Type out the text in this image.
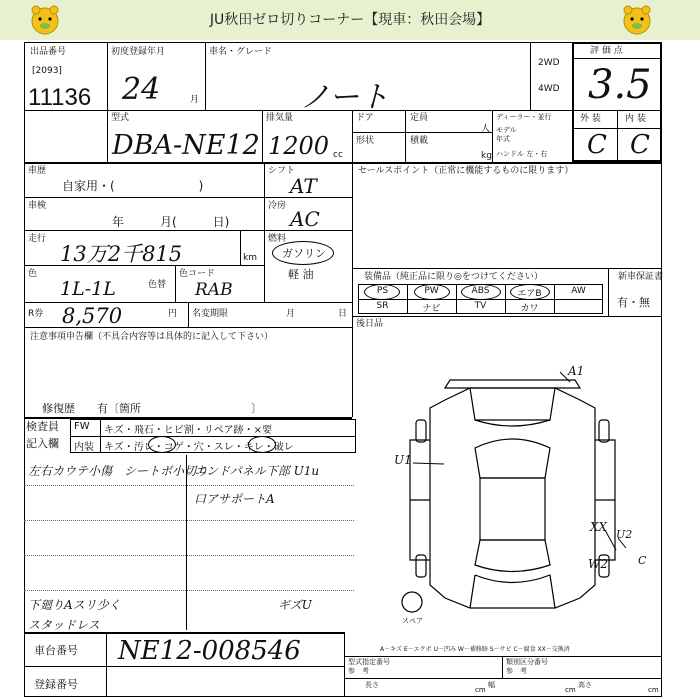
JU秋田ゼロ切りコーナー【現車：秋田会場】
評 価 点
3.5
外 装	内 装
C C
出品番号
[2093]
11136
初度登録年月
24	月
車名・グレード
ノート
2WD
4WD
型式
DBA-NE12
排気量
1200 cc
ドア	定員
人
形状	積載
kg
ディーラー・並行
モデル
年式
ハンドル 左・右
車歴
自家用・(　　　　　　　)
車検
年　　　月(　　　日)
走行
13万2千815	km
色
1L-1L	色替
色コード
RAB
シフト
AT
冷房
AC
燃料
ガソリン
軽 油
R券 8,570	円 名変期限	月	日
セールスポイント（正常に機能するものに限ります）
装備品（純正品に限り◎をつけてください）	新車保証書
有・無
PS	PW	ABS	エアB	AW
SR	ナビ	TV	カワ
後日品
注意事項申告欄（不具合内容等は具体的に記入して下さい）
修復歴　　有〔箇所　　　　　　　　　　〕
検査員
記入欄
FW キズ・飛石・ヒビ割・リペア跡・×要
内装 キズ・汚レ・コゲ・穴・スレ・キレ・破レ
左右カウテ小傷　シートボ小切り
エンドパネル下部 U1u
口アサポートA
下廻りAスリ少く
スタッドレス
ギズU
A1
U1
XX
U2
W2	C
スペア
車台番号 NE12-008546
登録番号
A－キズ E－エクボ U－凹み W－補修跡 S－サビ C－腐食 XX－交換済
型式指定番号
参　考
類別区分番号
参　考
長さ
cm
幅
cm
高さ
cm
